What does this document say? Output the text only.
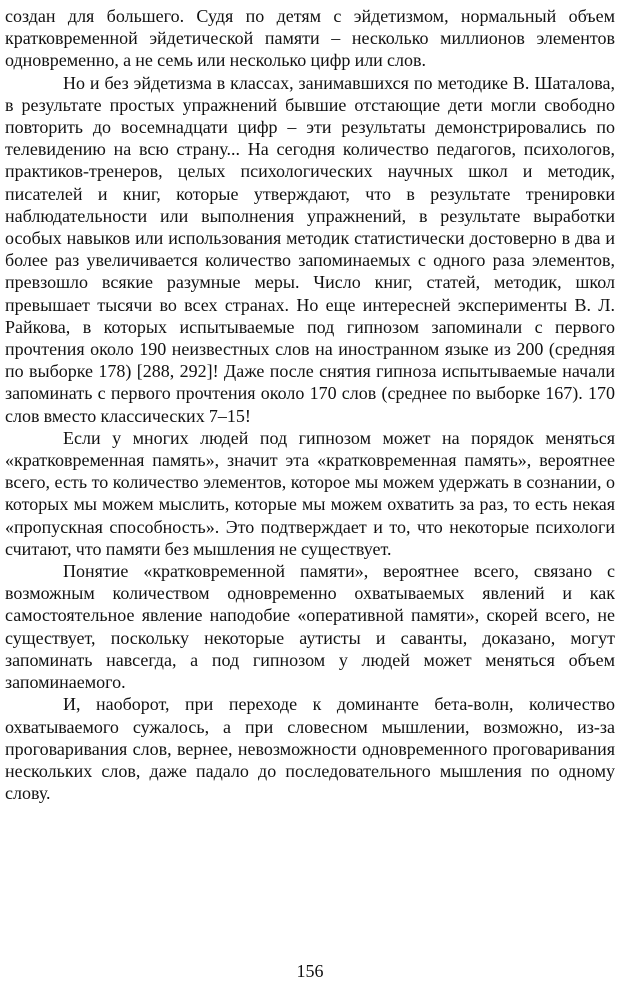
создан для большего. Судя по детям с эйдетизмом, нормальный объем кратковременной эйдетической памяти – несколько миллионов элементов одновременно, а не семь или несколько цифр или слов.

Но и без эйдетизма в классах, занимавшихся по методике В. Шаталова, в результате простых упражнений бывшие отстающие дети могли свободно повторить до восемнадцати цифр – эти результаты демонстрировались по телевидению на всю страну... На сегодня количество педагогов, психологов, практиков-тренеров, целых психологических научных школ и методик, писателей и книг, которые утверждают, что в результате тренировки наблюдательности или выполнения упражнений, в результате выработки особых навыков или использования методик статистически достоверно в два и более раз увеличивается количество запоминаемых с одного раза элементов, превзошло всякие разумные меры. Число книг, статей, методик, школ превышает тысячи во всех странах. Но еще интересней эксперименты В. Л. Райкова, в которых испытываемые под гипнозом запоминали с первого прочтения около 190 неизвестных слов на иностранном языке из 200 (средняя по выборке 178) [288, 292]! Даже после снятия гипноза испытываемые начали запоминать с первого прочтения около 170 слов (среднее по выборке 167). 170 слов вместо классических 7–15!

Если у многих людей под гипнозом может на порядок меняться «кратковременная память», значит эта «кратковременная память», вероятнее всего, есть то количество элементов, которое мы можем удержать в сознании, о которых мы можем мыслить, которые мы можем охватить за раз, то есть некая «пропускная способность». Это подтверждает и то, что некоторые психологи считают, что памяти без мышления не существует.

Понятие «кратковременной памяти», вероятнее всего, связано с возможным количеством одновременно охватываемых явлений и как самостоятельное явление наподобие «оперативной памяти», скорей всего, не существует, поскольку некоторые аутисты и саванты, доказано, могут запоминать навсегда, а под гипнозом у людей может меняться объем запоминаемого.

И, наоборот, при переходе к доминанте бета-волн, количество охватываемого сужалось, а при словесном мышлении, возможно, из-за проговаривания слов, вернее, невозможности одновременного проговаривания нескольких слов, даже падало до последовательного мышления по одному слову.

156
